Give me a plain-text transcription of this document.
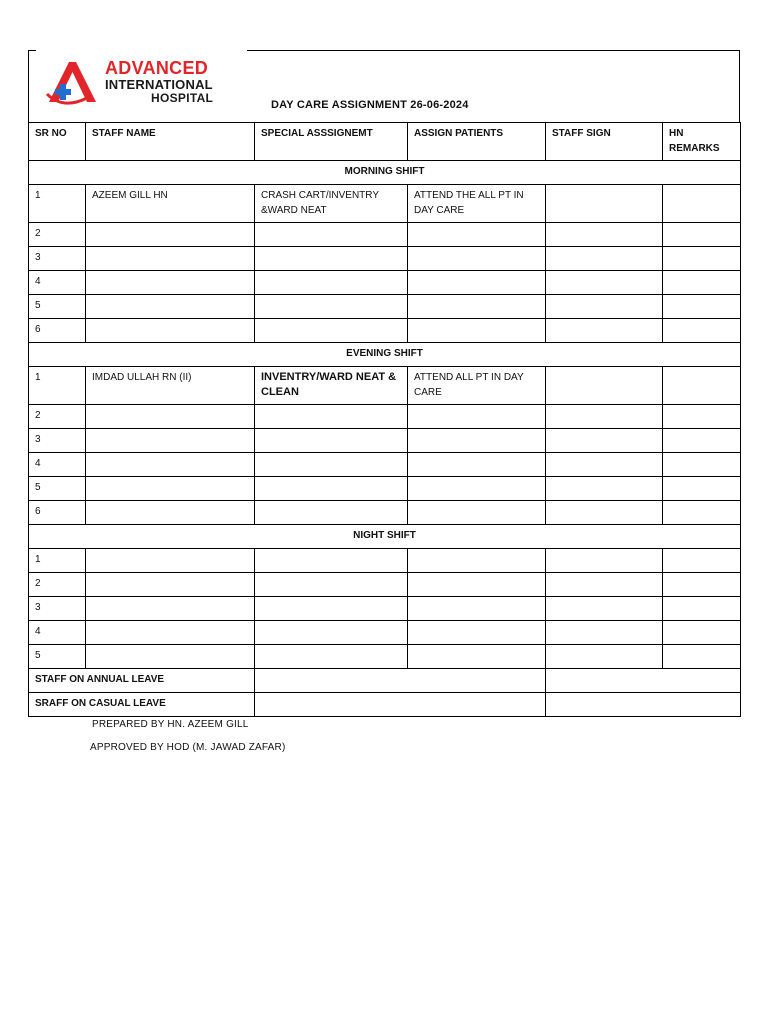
ADVANCED
INTERNATIONAL
HOSPITAL	DAY CARE ASSIGNMENT 26-06-2024
SR NO	STAFF NAME	SPECIAL ASSSIGNEMT	ASSIGN PATIENTS	STAFF SIGN	HN REMARKS
MORNING SHIFT					
1	AZEEM GILL HN	CRASH CART/INVENTRY &WARD NEAT	ATTEND THE ALL PT IN DAY CARE		
2					
3					
4					
5					
6					
EVENING SHIFT					
1	IMDAD ULLAH RN (II)	INVENTRY/WARD NEAT & CLEAN	ATTEND ALL PT IN DAY CARE		
2					
3					
4					
5					
6					
NIGHT SHIFT					
1					
2					
3					
4					
5					
STAFF ON ANNUAL LEAVE					
SRAFF ON CASUAL LEAVE					
PREPARED BY HN. AZEEM GILL
APPROVED BY HOD (M. JAWAD ZAFAR)
